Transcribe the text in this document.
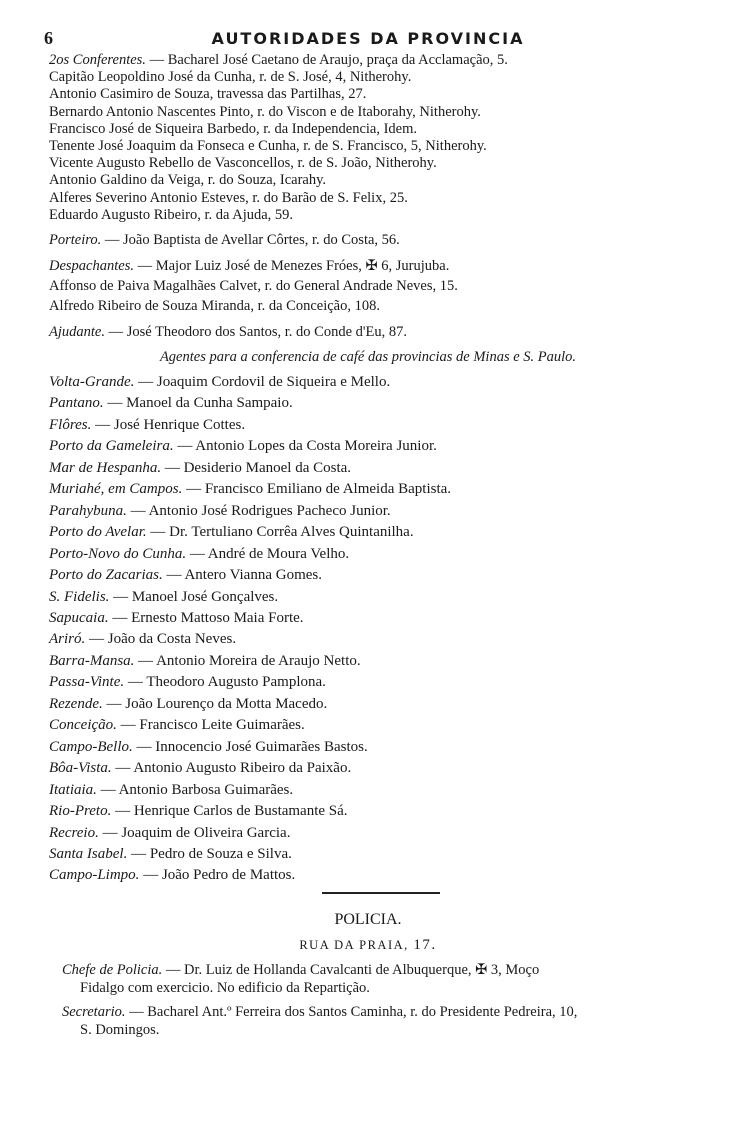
6	AUTORIDADES DA PROVINCIA
2os Conferentes. — Bacharel José Caetano de Araujo, praça da Acclamação, 5.
Capitão Leopoldino José da Cunha, r. de S. José, 4, Nitherohy.
Antonio Casimiro de Souza, travessa das Partilhas, 27.
Bernardo Antonio Nascentes Pinto, r. do Viscon e de Itaborahy, Nitherohy.
Francisco José de Siqueira Barbedo, r. da Independencia, Idem.
Tenente José Joaquim da Fonseca e Cunha, r. de S. Francisco, 5, Nitherohy.
Vicente Augusto Rebello de Vasconcellos, r. de S. João, Nitherohy.
Antonio Galdino da Veiga, r. do Souza, Icarahy.
Alferes Severino Antonio Esteves, r. do Barão de S. Felix, 25.
Eduardo Augusto Ribeiro, r. da Ajuda, 59.
Porteiro. — João Baptista de Avellar Côrtes, r. do Costa, 56.
Despachantes. — Major Luiz José de Menezes Fróes, ✠ 6, Jurujuba.
Affonso de Paiva Magalhães Calvet, r. do General Andrade Neves, 15.
Alfredo Ribeiro de Souza Miranda, r. da Conceição, 108.
Ajudante. — José Theodoro dos Santos, r. do Conde d'Eu, 87.
Agentes para a conferencia de café das provincias de Minas e S. Paulo.
Volta-Grande. — Joaquim Cordovil de Siqueira e Mello.
Pantano. — Manoel da Cunha Sampaio.
Flôres. — José Henrique Cottes.
Porto da Gameleira. — Antonio Lopes da Costa Moreira Junior.
Mar de Hespanha. — Desiderio Manoel da Costa.
Muriahé, em Campos. — Francisco Emiliano de Almeida Baptista.
Parahybuna. — Antonio José Rodrigues Pacheco Junior.
Porto do Avelar. — Dr. Tertuliano Corrêa Alves Quintanilha.
Porto-Novo do Cunha. — André de Moura Velho.
Porto do Zacarias. — Antero Vianna Gomes.
S. Fidelis. — Manoel José Gonçalves.
Sapucaia. — Ernesto Mattoso Maia Forte.
Ariró. — João da Costa Neves.
Barra-Mansa. — Antonio Moreira de Araujo Netto.
Passa-Vinte. — Theodoro Augusto Pamplona.
Rezende. — João Lourenço da Motta Macedo.
Conceição. — Francisco Leite Guimarães.
Campo-Bello. — Innocencio José Guimarães Bastos.
Bôa-Vista. — Antonio Augusto Ribeiro da Paixão.
Itatiaia. — Antonio Barbosa Guimarães.
Rio-Preto. — Henrique Carlos de Bustamante Sá.
Recreio. — Joaquim de Oliveira Garcia.
Santa Isabel. — Pedro de Souza e Silva.
Campo-Limpo. — João Pedro de Mattos.
POLICIA.
RUA DA PRAIA, 17.
Chefe de Policia. — Dr. Luiz de Hollanda Cavalcanti de Albuquerque, ✠ 3, Moço
Fidalgo com exercicio. No edificio da Repartição.
Secretario. — Bacharel Ant.º Ferreira dos Santos Caminha, r. do Presidente Pedreira, 10,
S. Domingos.
